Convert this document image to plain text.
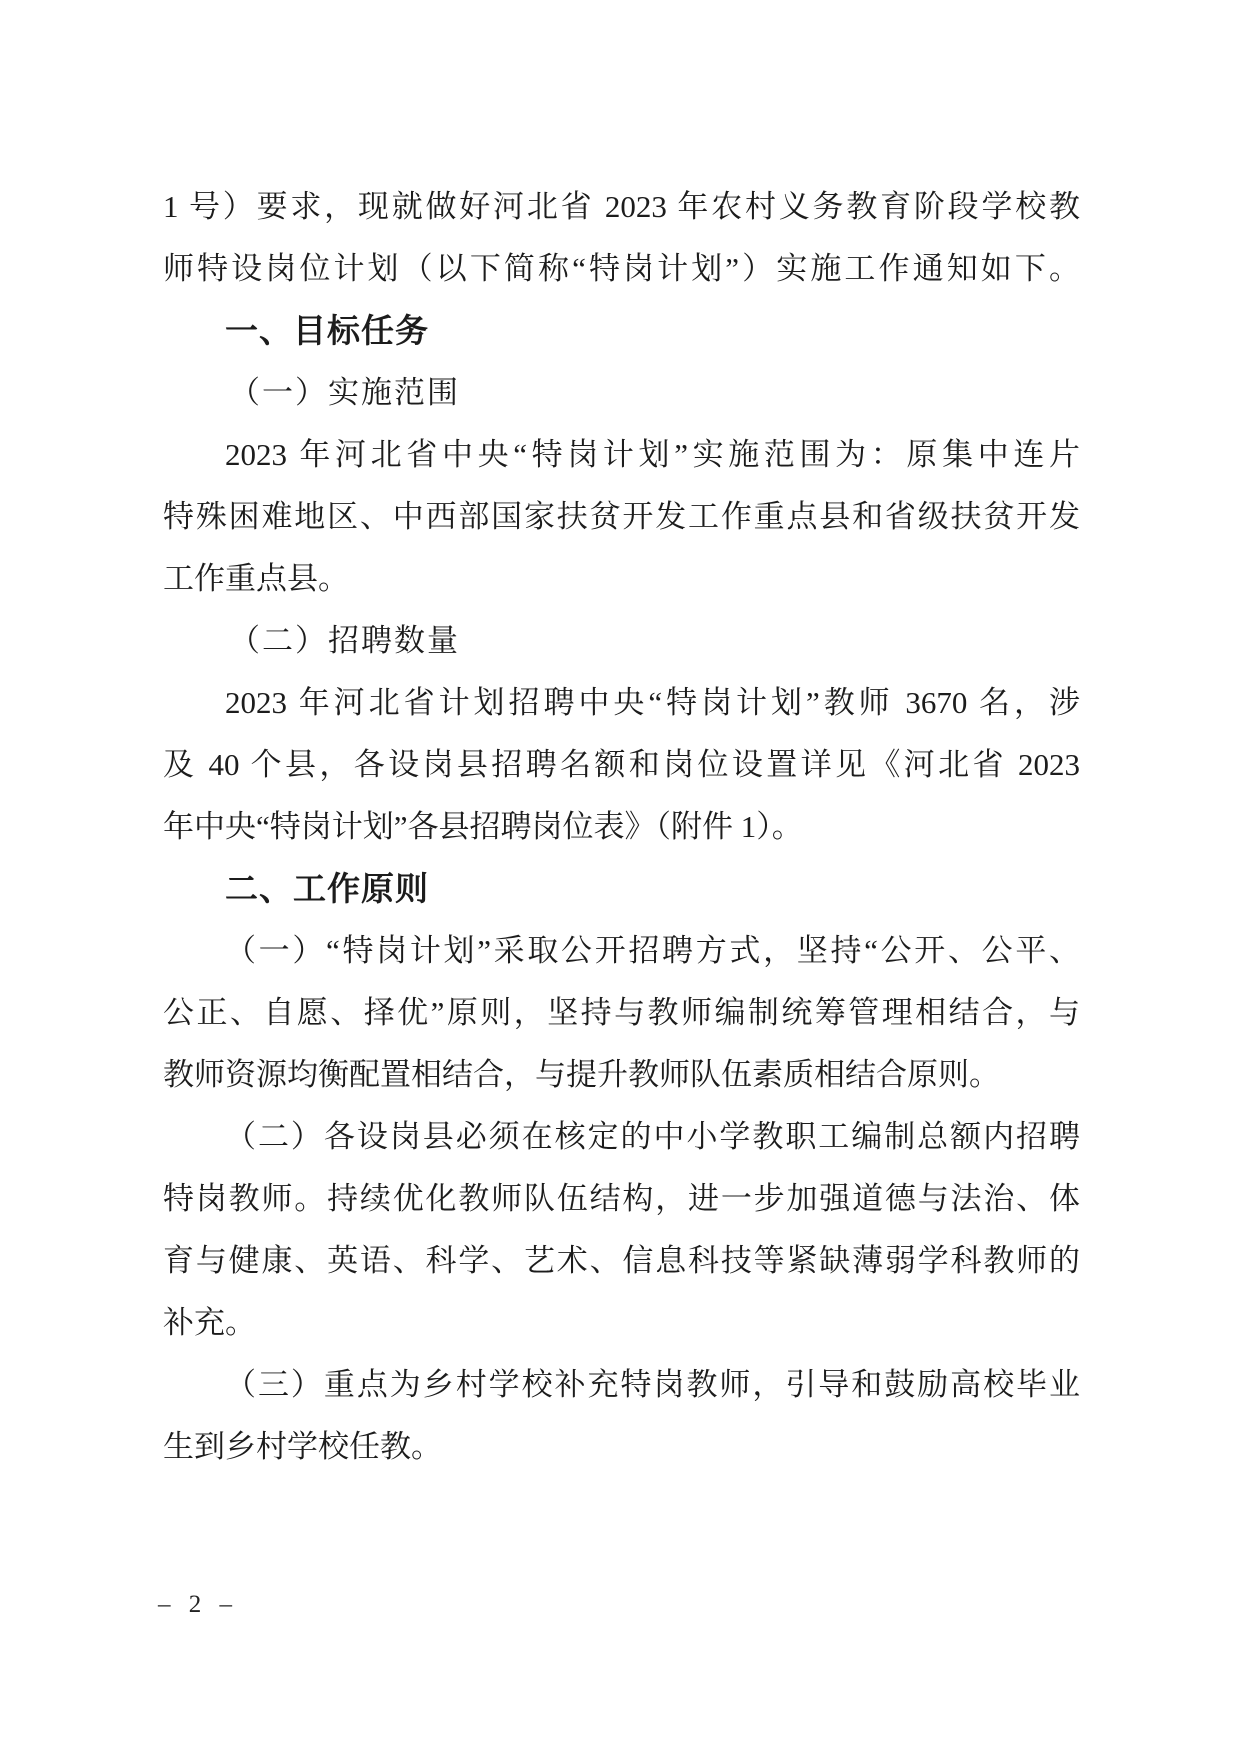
1 号）要求，现就做好河北省 2023 年农村义务教育阶段学校教
师特设岗位计划（以下简称“特岗计划”）实施工作通知如下。
一、目标任务
（一）实施范围
2023 年河北省中央“特岗计划”实施范围为：原集中连片
特殊困难地区、中西部国家扶贫开发工作重点县和省级扶贫开发
工作重点县。
（二）招聘数量
2023 年河北省计划招聘中央“特岗计划”教师 3670 名，涉
及 40 个县，各设岗县招聘名额和岗位设置详见《河北省 2023
年中央“特岗计划”各县招聘岗位表》（附件 1）。
二、工作原则
（一）“特岗计划”采取公开招聘方式，坚持“公开、公平、
公正、自愿、择优”原则，坚持与教师编制统筹管理相结合，与
教师资源均衡配置相结合，与提升教师队伍素质相结合原则。
（二）各设岗县必须在核定的中小学教职工编制总额内招聘
特岗教师。持续优化教师队伍结构，进一步加强道德与法治、体
育与健康、英语、科学、艺术、信息科技等紧缺薄弱学科教师的
补充。
（三）重点为乡村学校补充特岗教师，引导和鼓励高校毕业
生到乡村学校任教。
– 2 –
